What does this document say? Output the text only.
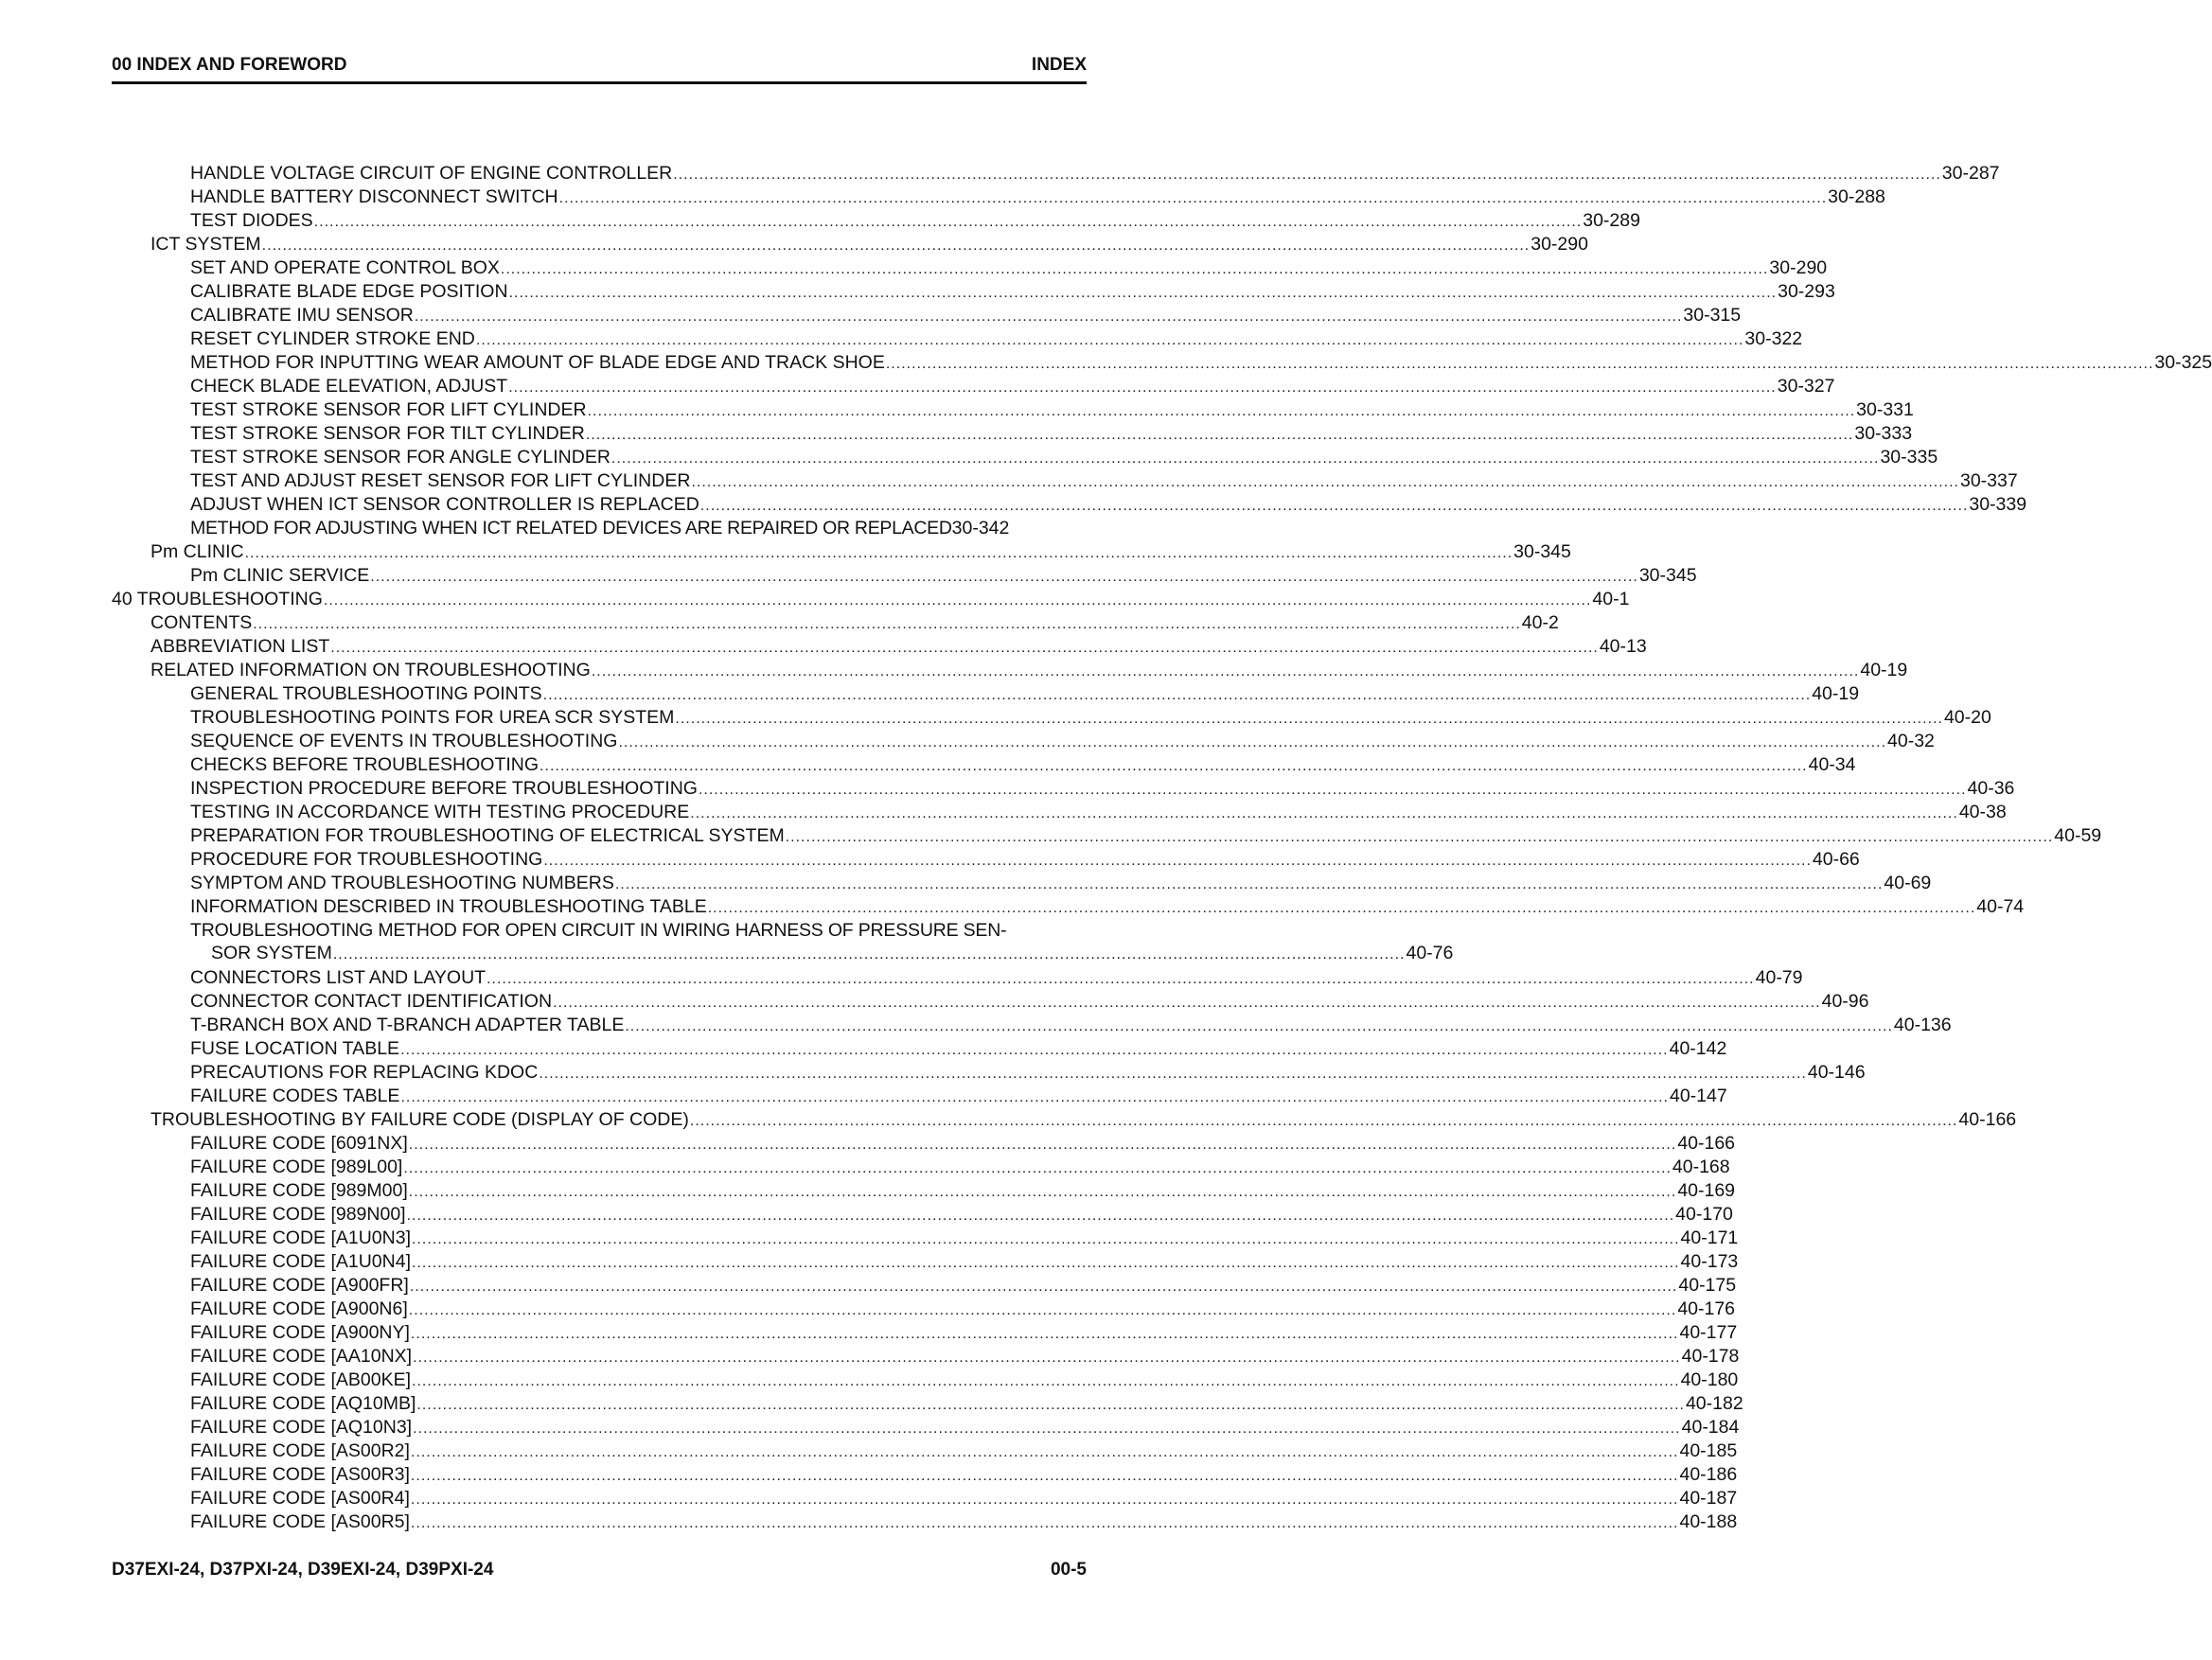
00 INDEX AND FOREWORD	INDEX
HANDLE VOLTAGE CIRCUIT OF ENGINE CONTROLLER .....	30-287
HANDLE BATTERY DISCONNECT SWITCH .....	30-288
TEST DIODES .....	30-289
ICT SYSTEM .....	30-290
SET AND OPERATE CONTROL BOX .....	30-290
CALIBRATE BLADE EDGE POSITION .....	30-293
CALIBRATE IMU SENSOR .....	30-315
RESET CYLINDER STROKE END .....	30-322
METHOD FOR INPUTTING WEAR AMOUNT OF BLADE EDGE AND TRACK SHOE .....	30-325
CHECK BLADE ELEVATION, ADJUST .....	30-327
TEST STROKE SENSOR FOR LIFT CYLINDER .....	30-331
TEST STROKE SENSOR FOR TILT CYLINDER .....	30-333
TEST STROKE SENSOR FOR ANGLE CYLINDER .....	30-335
TEST AND ADJUST RESET SENSOR FOR LIFT CYLINDER .....	30-337
ADJUST WHEN ICT SENSOR CONTROLLER IS REPLACED .....	30-339
METHOD FOR ADJUSTING WHEN ICT RELATED DEVICES ARE REPAIRED OR REPLACED 30-342
Pm CLINIC .....	30-345
Pm CLINIC SERVICE .....	30-345
40 TROUBLESHOOTING .....	40-1
CONTENTS .....	40-2
ABBREVIATION LIST .....	40-13
RELATED INFORMATION ON TROUBLESHOOTING .....	40-19
GENERAL TROUBLESHOOTING POINTS .....	40-19
TROUBLESHOOTING POINTS FOR UREA SCR SYSTEM .....	40-20
SEQUENCE OF EVENTS IN TROUBLESHOOTING .....	40-32
CHECKS BEFORE TROUBLESHOOTING .....	40-34
INSPECTION PROCEDURE BEFORE TROUBLESHOOTING .....	40-36
TESTING IN ACCORDANCE WITH TESTING PROCEDURE .....	40-38
PREPARATION FOR TROUBLESHOOTING OF ELECTRICAL SYSTEM .....	40-59
PROCEDURE FOR TROUBLESHOOTING .....	40-66
SYMPTOM AND TROUBLESHOOTING NUMBERS .....	40-69
INFORMATION DESCRIBED IN TROUBLESHOOTING TABLE .....	40-74
TROUBLESHOOTING METHOD FOR OPEN CIRCUIT IN WIRING HARNESS OF PRESSURE SEN-
SOR SYSTEM ................................................................................................................................................................................................................ 40-76
CONNECTORS LIST AND LAYOUT .....	40-79
CONNECTOR CONTACT IDENTIFICATION .....	40-96
T-BRANCH BOX AND T-BRANCH ADAPTER TABLE .....	40-136
FUSE LOCATION TABLE .....	40-142
PRECAUTIONS FOR REPLACING KDOC .....	40-146
FAILURE CODES TABLE .....	40-147
TROUBLESHOOTING BY FAILURE CODE (DISPLAY OF CODE) .....	40-166
FAILURE CODE [6091NX] .....	40-166
FAILURE CODE [989L00] .....	40-168
FAILURE CODE [989M00] .....	40-169
FAILURE CODE [989N00] .....	40-170
FAILURE CODE [A1U0N3] .....	40-171
FAILURE CODE [A1U0N4] .....	40-173
FAILURE CODE [A900FR] .....	40-175
FAILURE CODE [A900N6] .....	40-176
FAILURE CODE [A900NY] .....	40-177
FAILURE CODE [AA10NX] .....	40-178
FAILURE CODE [AB00KE] .....	40-180
FAILURE CODE [AQ10MB] .....	40-182
FAILURE CODE [AQ10N3] .....	40-184
FAILURE CODE [AS00R2] .....	40-185
FAILURE CODE [AS00R3] .....	40-186
FAILURE CODE [AS00R4] .....	40-187
FAILURE CODE [AS00R5] .....	40-188
D37EXI-24, D37PXI-24, D39EXI-24, D39PXI-24	00-5
